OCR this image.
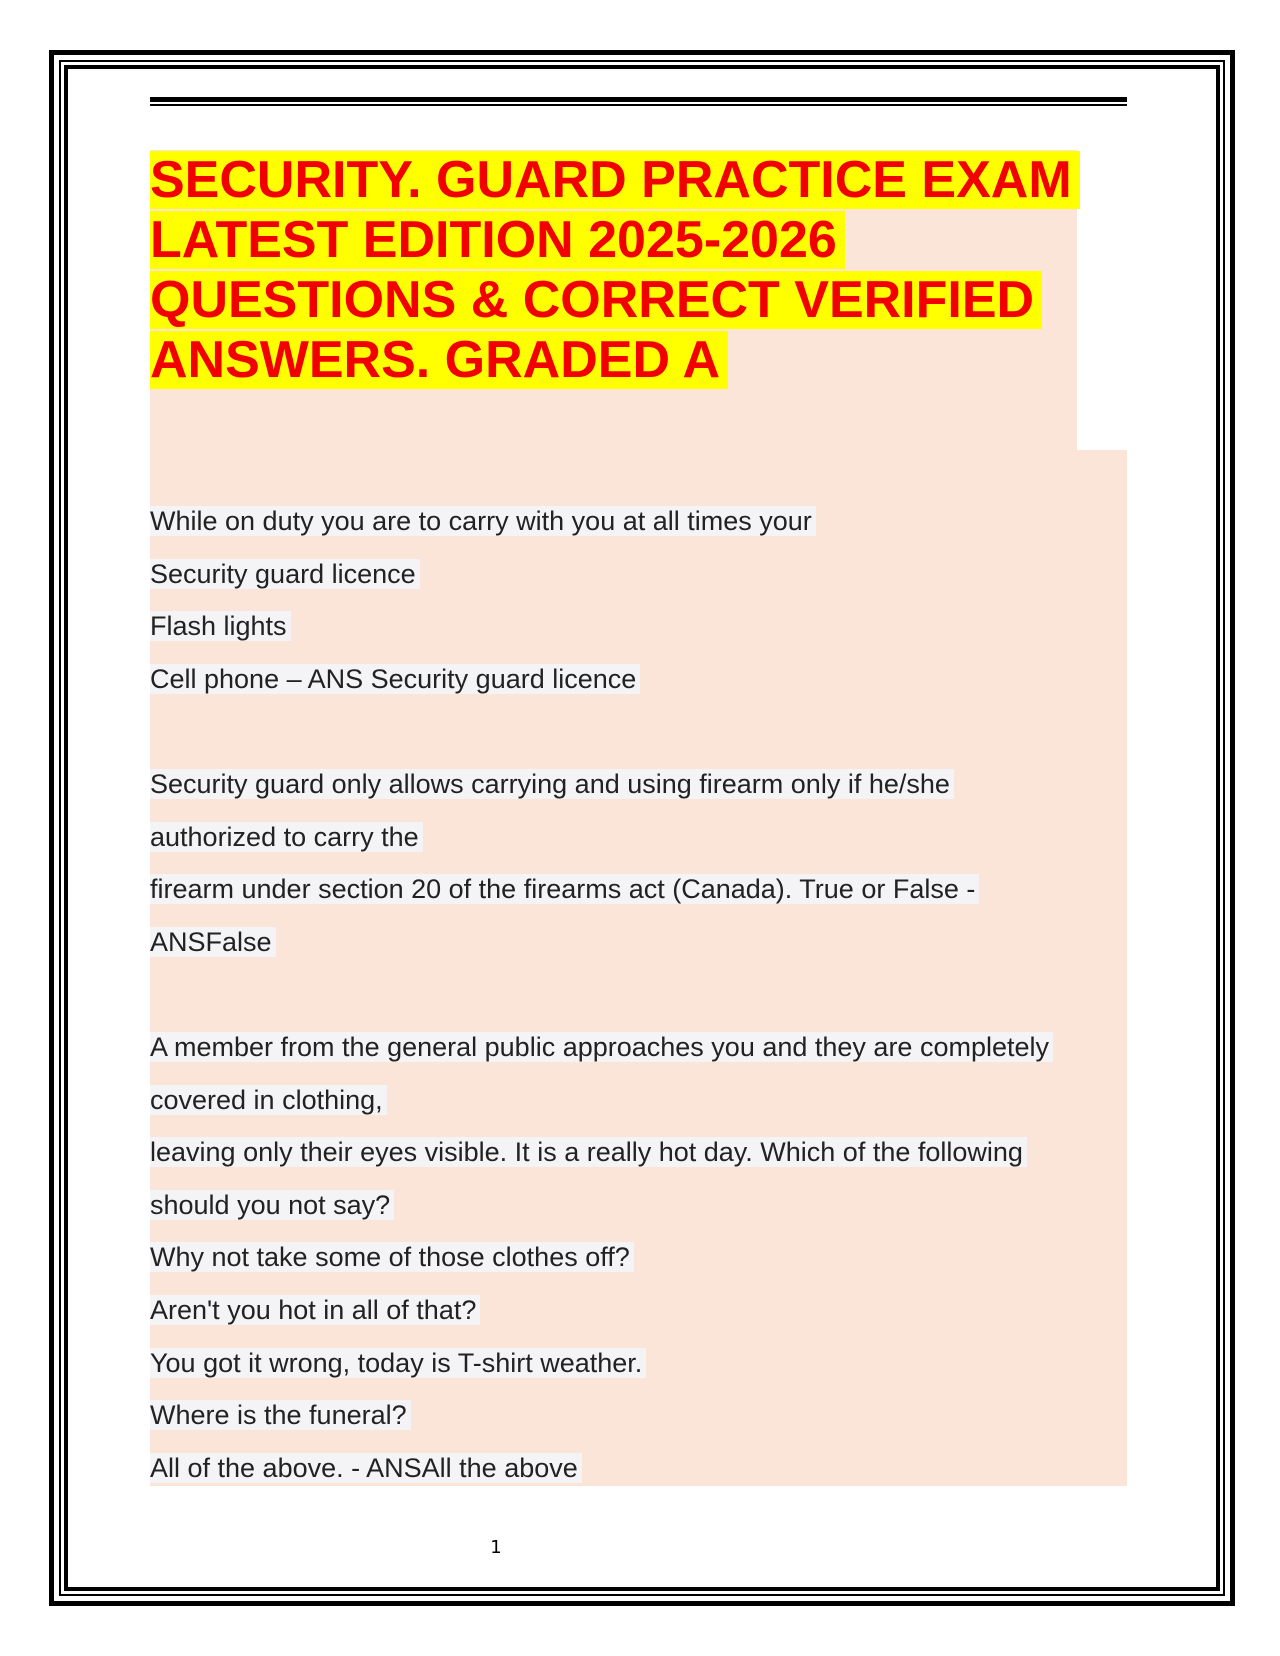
SECURITY. GUARD PRACTICE EXAM
LATEST EDITION 2025-2026
QUESTIONS & CORRECT VERIFIED
ANSWERS. GRADED A
While on duty you are to carry with you at all times your
Security guard licence
Flash lights
Cell phone – ANS Security guard licence
Security guard only allows carrying and using firearm only if he/she
authorized to carry the
firearm under section 20 of the firearms act (Canada). True or False -
ANSFalse
A member from the general public approaches you and they are completely
covered in clothing,
leaving only their eyes visible. It is a really hot day. Which of the following
should you not say?
Why not take some of those clothes off?
Aren't you hot in all of that?
You got it wrong, today is T-shirt weather.
Where is the funeral?
All of the above. - ANSAll the above
1
